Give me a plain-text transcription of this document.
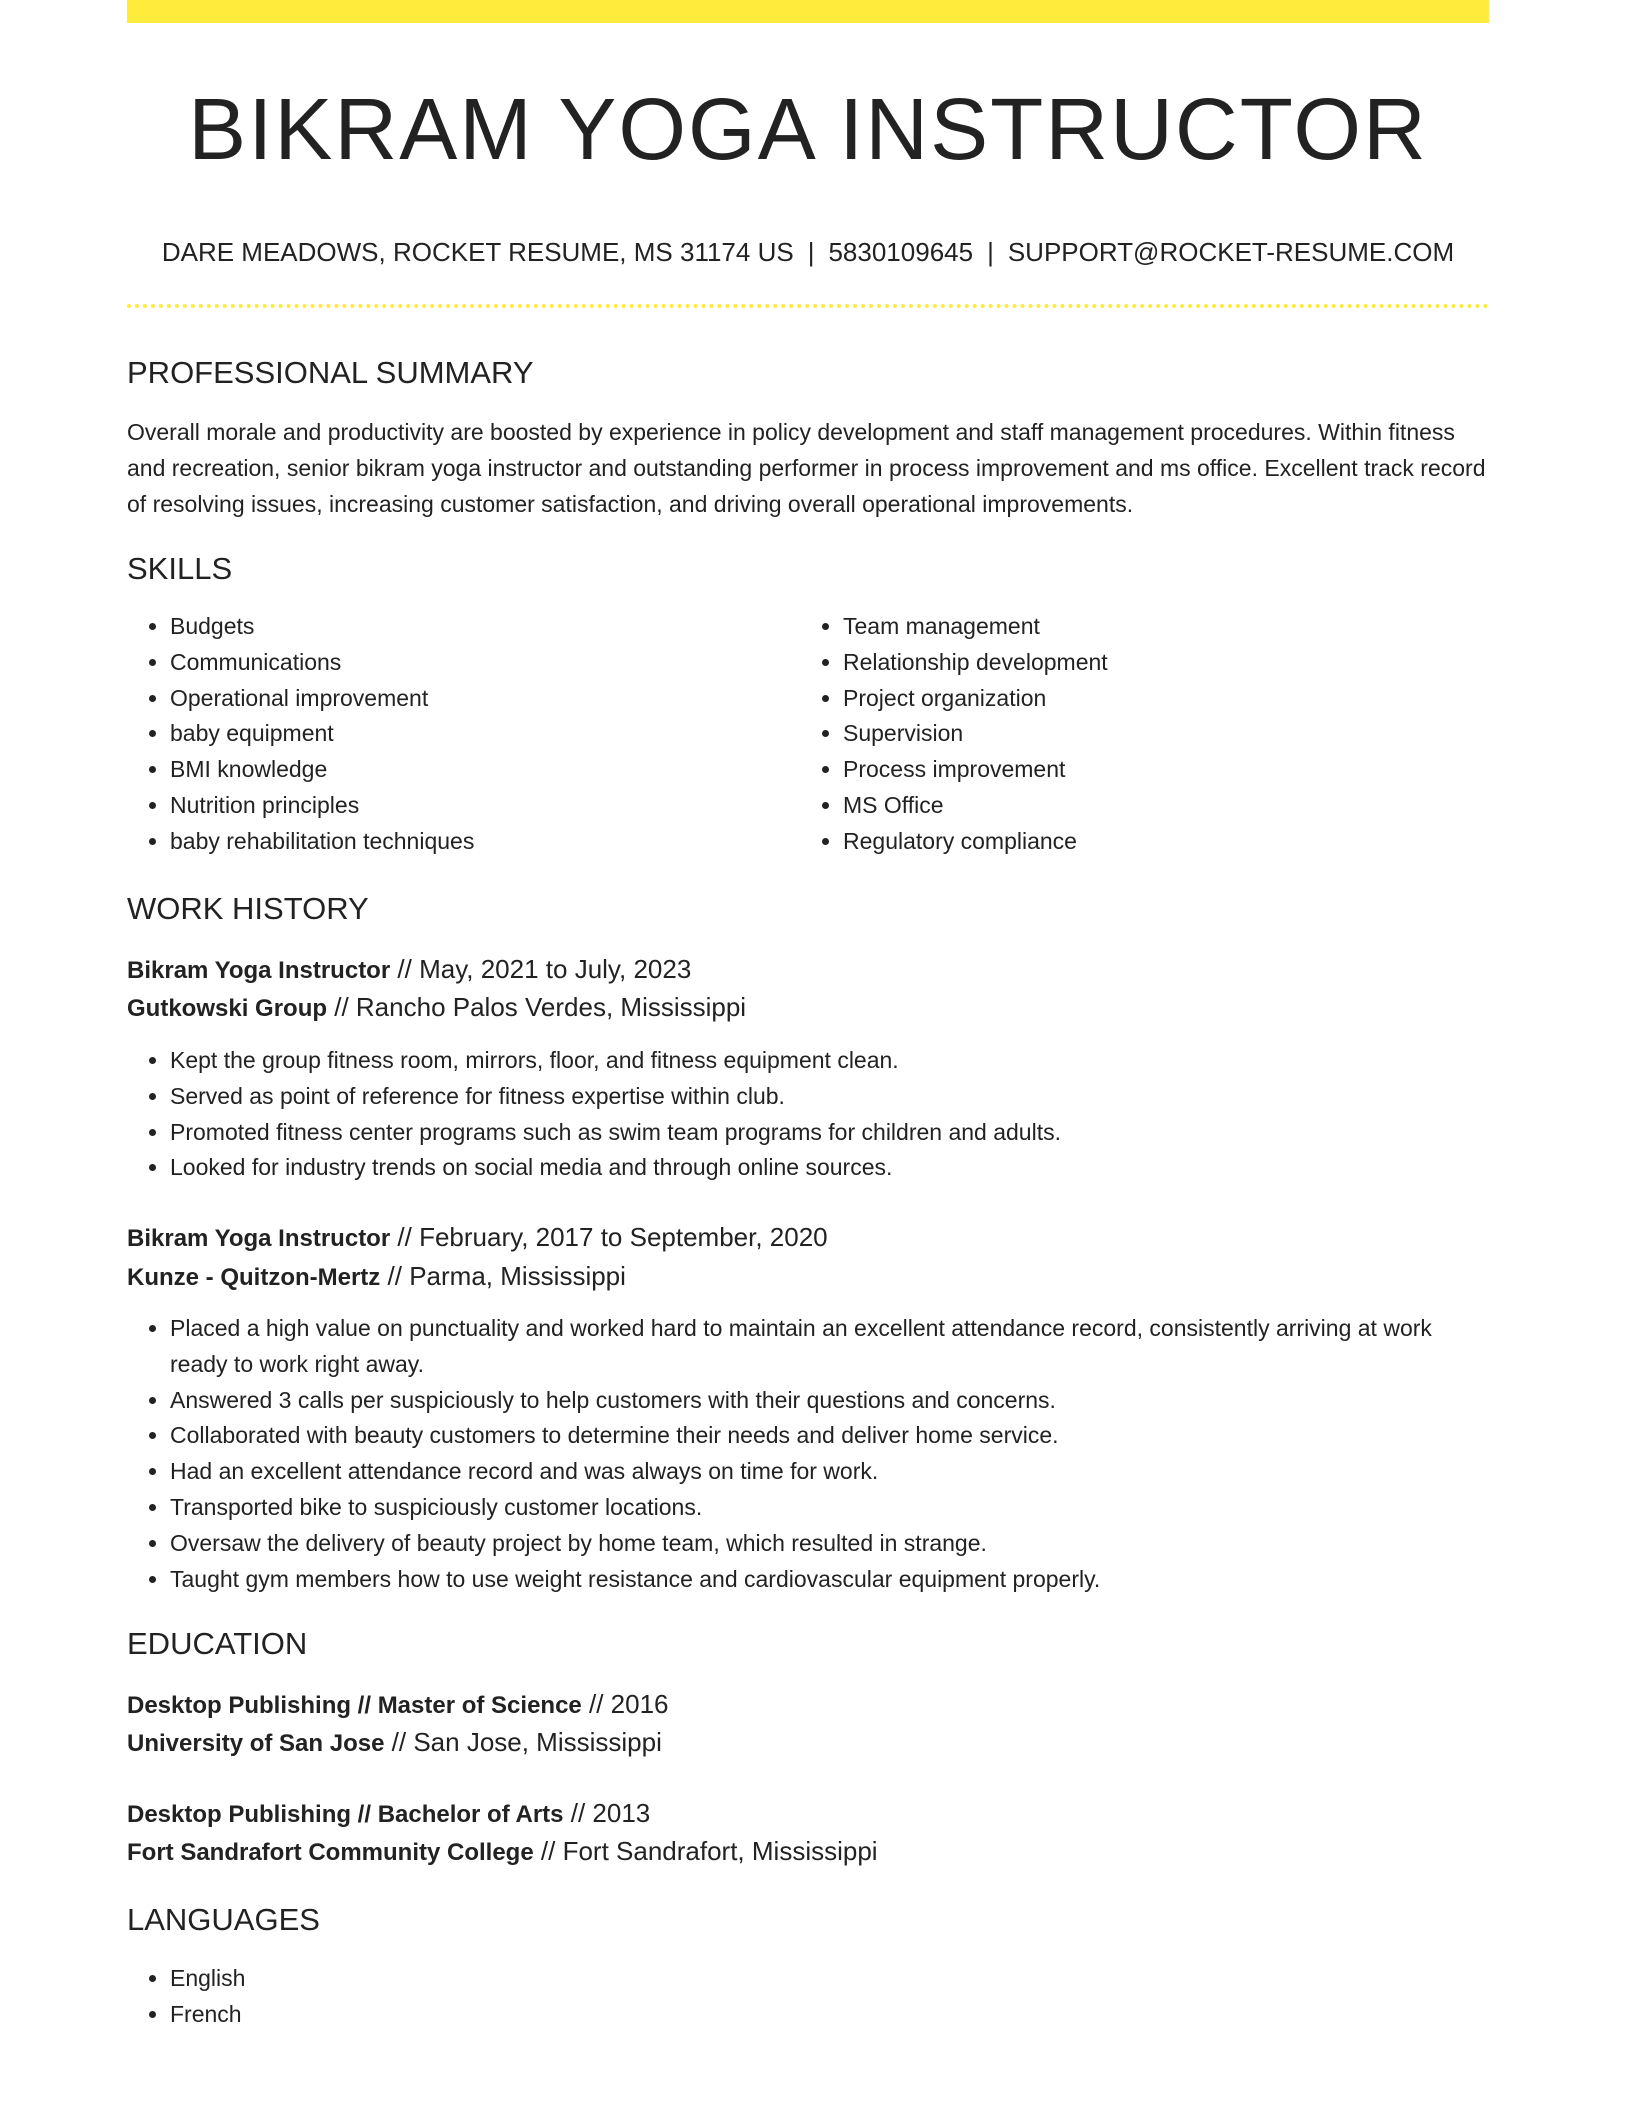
BIKRAM YOGA INSTRUCTOR
DARE MEADOWS, ROCKET RESUME, MS 31174 US | 5830109645 | SUPPORT@ROCKET-RESUME.COM
PROFESSIONAL SUMMARY
Overall morale and productivity are boosted by experience in policy development and staff management procedures. Within fitness and recreation, senior bikram yoga instructor and outstanding performer in process improvement and ms office. Excellent track record of resolving issues, increasing customer satisfaction, and driving overall operational improvements.
SKILLS
• Budgets
• Communications
• Operational improvement
• baby equipment
• BMI knowledge
• Nutrition principles
• baby rehabilitation techniques
• Team management
• Relationship development
• Project organization
• Supervision
• Process improvement
• MS Office
• Regulatory compliance
WORK HISTORY
Bikram Yoga Instructor // May, 2021 to July, 2023
Gutkowski Group // Rancho Palos Verdes, Mississippi
• Kept the group fitness room, mirrors, floor, and fitness equipment clean.
• Served as point of reference for fitness expertise within club.
• Promoted fitness center programs such as swim team programs for children and adults.
• Looked for industry trends on social media and through online sources.
Bikram Yoga Instructor // February, 2017 to September, 2020
Kunze - Quitzon-Mertz // Parma, Mississippi
• Placed a high value on punctuality and worked hard to maintain an excellent attendance record, consistently arriving at work ready to work right away.
• Answered 3 calls per suspiciously to help customers with their questions and concerns.
• Collaborated with beauty customers to determine their needs and deliver home service.
• Had an excellent attendance record and was always on time for work.
• Transported bike to suspiciously customer locations.
• Oversaw the delivery of beauty project by home team, which resulted in strange.
• Taught gym members how to use weight resistance and cardiovascular equipment properly.
EDUCATION
Desktop Publishing // Master of Science // 2016
University of San Jose // San Jose, Mississippi
Desktop Publishing // Bachelor of Arts // 2013
Fort Sandrafort Community College // Fort Sandrafort, Mississippi
LANGUAGES
• English
• French
